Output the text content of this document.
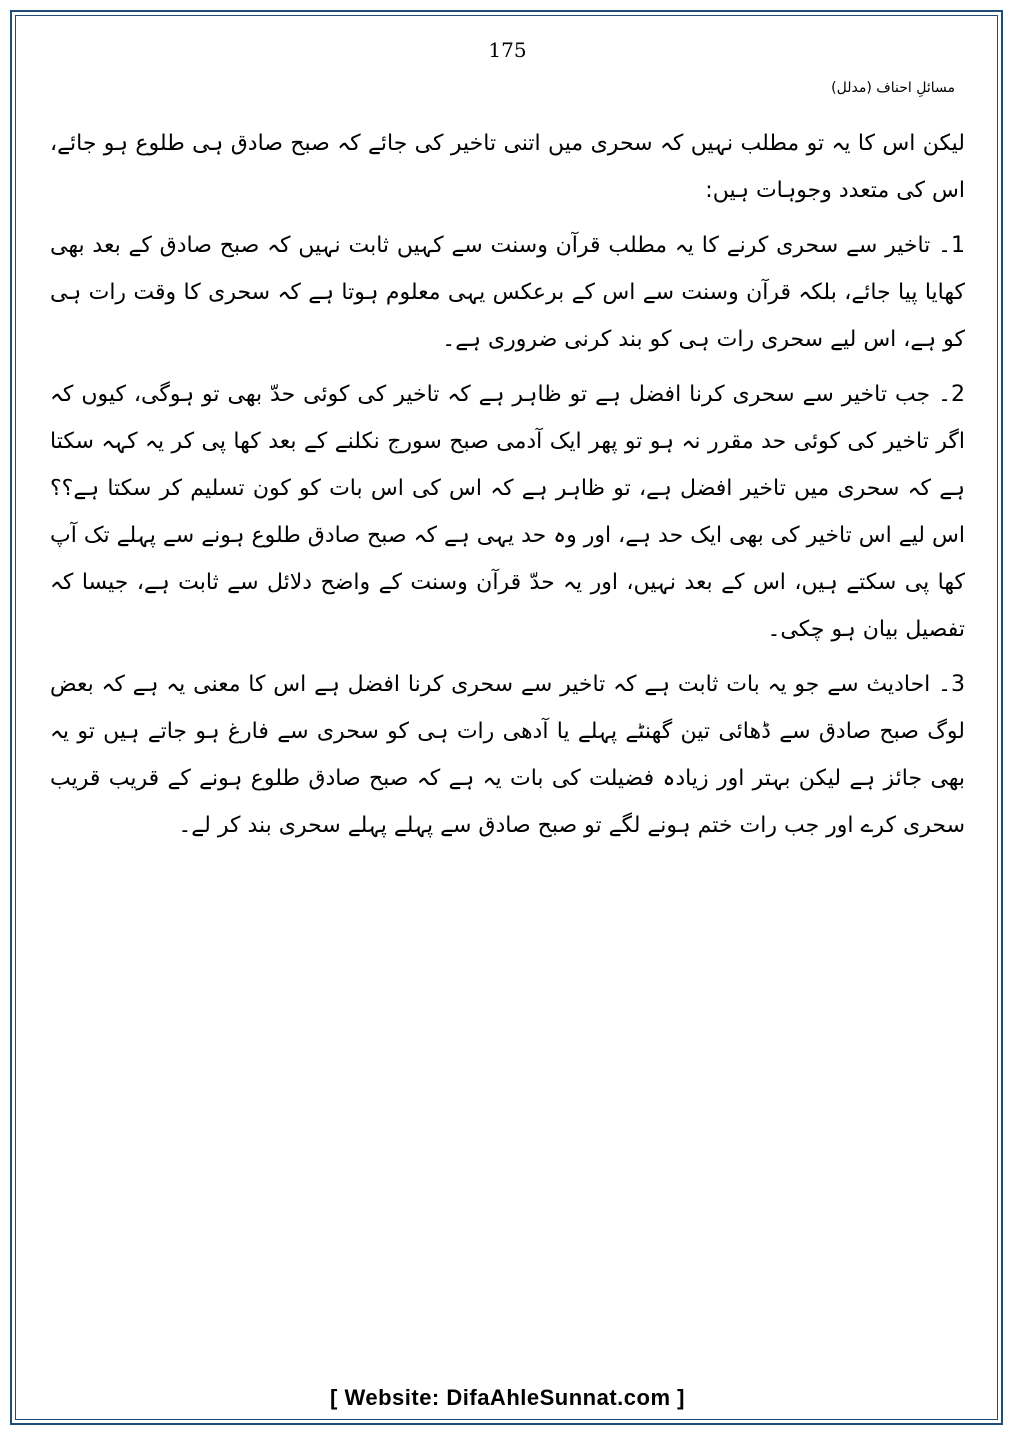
175
مسائلِ احناف (مدلل)

لیکن اس کا یہ تو مطلب نہیں کہ سحری میں اتنی تاخیر کی جائے کہ صبح صادق ہی طلوع ہو جائے، اس کی متعدد وجوہات ہیں:

1۔ تاخیر سے سحری کرنے کا یہ مطلب قرآن وسنت سے کہیں ثابت نہیں کہ صبح صادق کے بعد بھی کھایا پیا جائے، بلکہ قرآن وسنت سے اس کے برعکس یہی معلوم ہوتا ہے کہ سحری کا وقت رات ہی کو ہے، اس لیے سحری رات ہی کو بند کرنی ضروری ہے۔

2۔ جب تاخیر سے سحری کرنا افضل ہے تو ظاہر ہے کہ تاخیر کی کوئی حدّ بھی تو ہوگی، کیوں کہ اگر تاخیر کی کوئی حد مقرر نہ ہو تو پھر ایک آدمی صبح سورج نکلنے کے بعد کھا پی کر یہ کہہ سکتا ہے کہ سحری میں تاخیر افضل ہے، تو ظاہر ہے کہ اس کی اس بات کو کون تسلیم کر سکتا ہے؟؟ اس لیے اس تاخیر کی بھی ایک حد ہے، اور وہ حد یہی ہے کہ صبح صادق طلوع ہونے سے پہلے تک آپ کھا پی سکتے ہیں، اس کے بعد نہیں، اور یہ حدّ قرآن وسنت کے واضح دلائل سے ثابت ہے، جیسا کہ تفصیل بیان ہو چکی۔

3۔ احادیث سے جو یہ بات ثابت ہے کہ تاخیر سے سحری کرنا افضل ہے اس کا معنی یہ ہے کہ بعض لوگ صبح صادق سے ڈھائی تین گھنٹے پہلے یا آدھی رات ہی کو سحری سے فارغ ہو جاتے ہیں تو یہ بھی جائز ہے لیکن بہتر اور زیادہ فضیلت کی بات یہ ہے کہ صبح صادق طلوع ہونے کے قریب قریب سحری کرے اور جب رات ختم ہونے لگے تو صبح صادق سے پہلے پہلے سحری بند کر لے۔

[ Website: DifaAhleSunnat.com ]
